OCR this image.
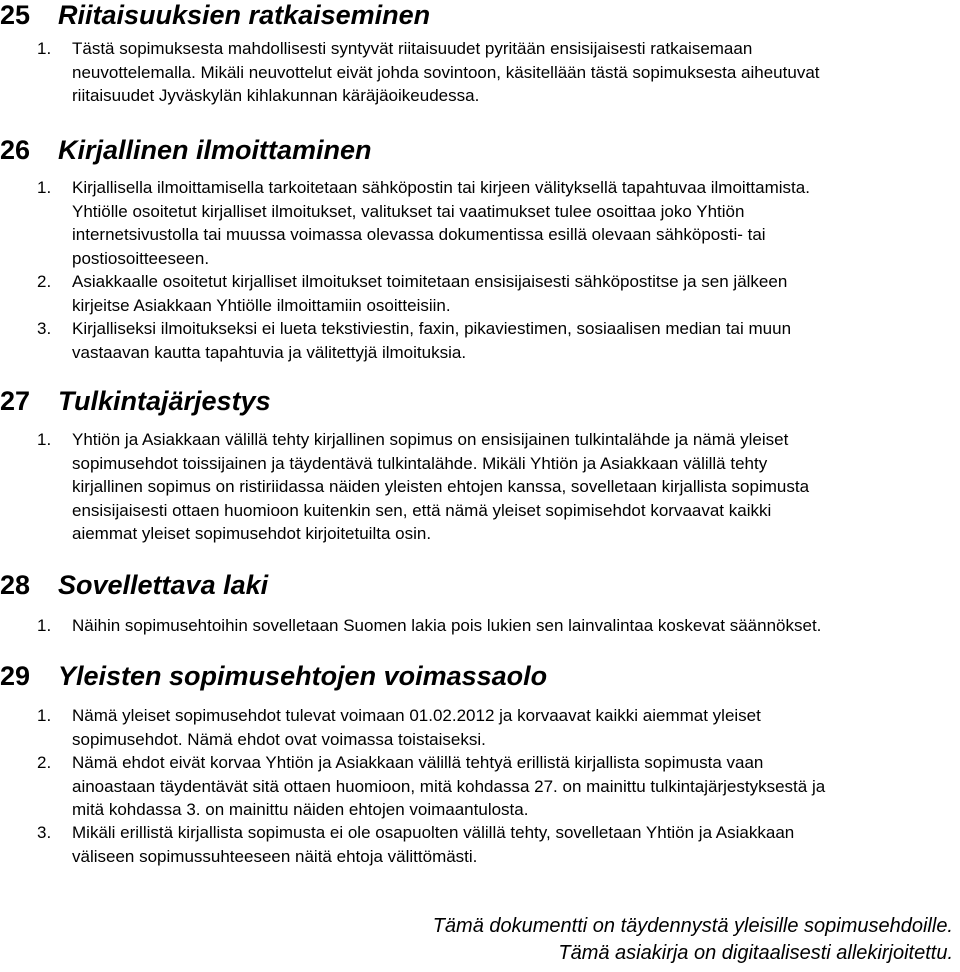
25 Riitaisuuksien ratkaiseminen
1. Tästä sopimuksesta mahdollisesti syntyvät riitaisuudet pyritään ensisijaisesti ratkaisemaan
neuvottelemalla. Mikäli neuvottelut eivät johda sovintoon, käsitellään tästä sopimuksesta aiheutuvat
riitaisuudet Jyväskylän kihlakunnan käräjäoikeudessa.
26 Kirjallinen ilmoittaminen
1. Kirjallisella ilmoittamisella tarkoitetaan sähköpostin tai kirjeen välityksellä tapahtuvaa ilmoittamista.
Yhtiölle osoitetut kirjalliset ilmoitukset, valitukset tai vaatimukset tulee osoittaa joko Yhtiön
internetsivustolla tai muussa voimassa olevassa dokumentissa esillä olevaan sähköposti- tai
postiosoitteeseen.
2. Asiakkaalle osoitetut kirjalliset ilmoitukset toimitetaan ensisijaisesti sähköpostitse ja sen jälkeen
kirjeitse Asiakkaan Yhtiölle ilmoittamiin osoitteisiin.
3. Kirjalliseksi ilmoitukseksi ei lueta tekstiviestin, faxin, pikaviestimen, sosiaalisen median tai muun
vastaavan kautta tapahtuvia ja välitettyjä ilmoituksia.
27 Tulkintajärjestys
1. Yhtiön ja Asiakkaan välillä tehty kirjallinen sopimus on ensisijainen tulkintalähde ja nämä yleiset
sopimusehdot toissijainen ja täydentävä tulkintalähde. Mikäli Yhtiön ja Asiakkaan välillä tehty
kirjallinen sopimus on ristiriidassa näiden yleisten ehtojen kanssa, sovelletaan kirjallista sopimusta
ensisijaisesti ottaen huomioon kuitenkin sen, että nämä yleiset sopimisehdot korvaavat kaikki
aiemmat yleiset sopimusehdot kirjoitetuilta osin.
28 Sovellettava laki
1. Näihin sopimusehtoihin sovelletaan Suomen lakia pois lukien sen lainvalintaa koskevat säännökset.
29 Yleisten sopimusehtojen voimassaolo
1. Nämä yleiset sopimusehdot tulevat voimaan 01.02.2012 ja korvaavat kaikki aiemmat yleiset
sopimusehdot. Nämä ehdot ovat voimassa toistaiseksi.
2. Nämä ehdot eivät korvaa Yhtiön ja Asiakkaan välillä tehtyä erillistä kirjallista sopimusta vaan
ainoastaan täydentävät sitä ottaen huomioon, mitä kohdassa 27. on mainittu tulkintajärjestyksestä ja
mitä kohdassa 3. on mainittu näiden ehtojen voimaantulosta.
3. Mikäli erillistä kirjallista sopimusta ei ole osapuolten välillä tehty, sovelletaan Yhtiön ja Asiakkaan
väliseen sopimussuhteeseen näitä ehtoja välittömästi.
Tämä dokumentti on täydennystä yleisille sopimusehdoille.
Tämä asiakirja on digitaalisesti allekirjoitettu.
